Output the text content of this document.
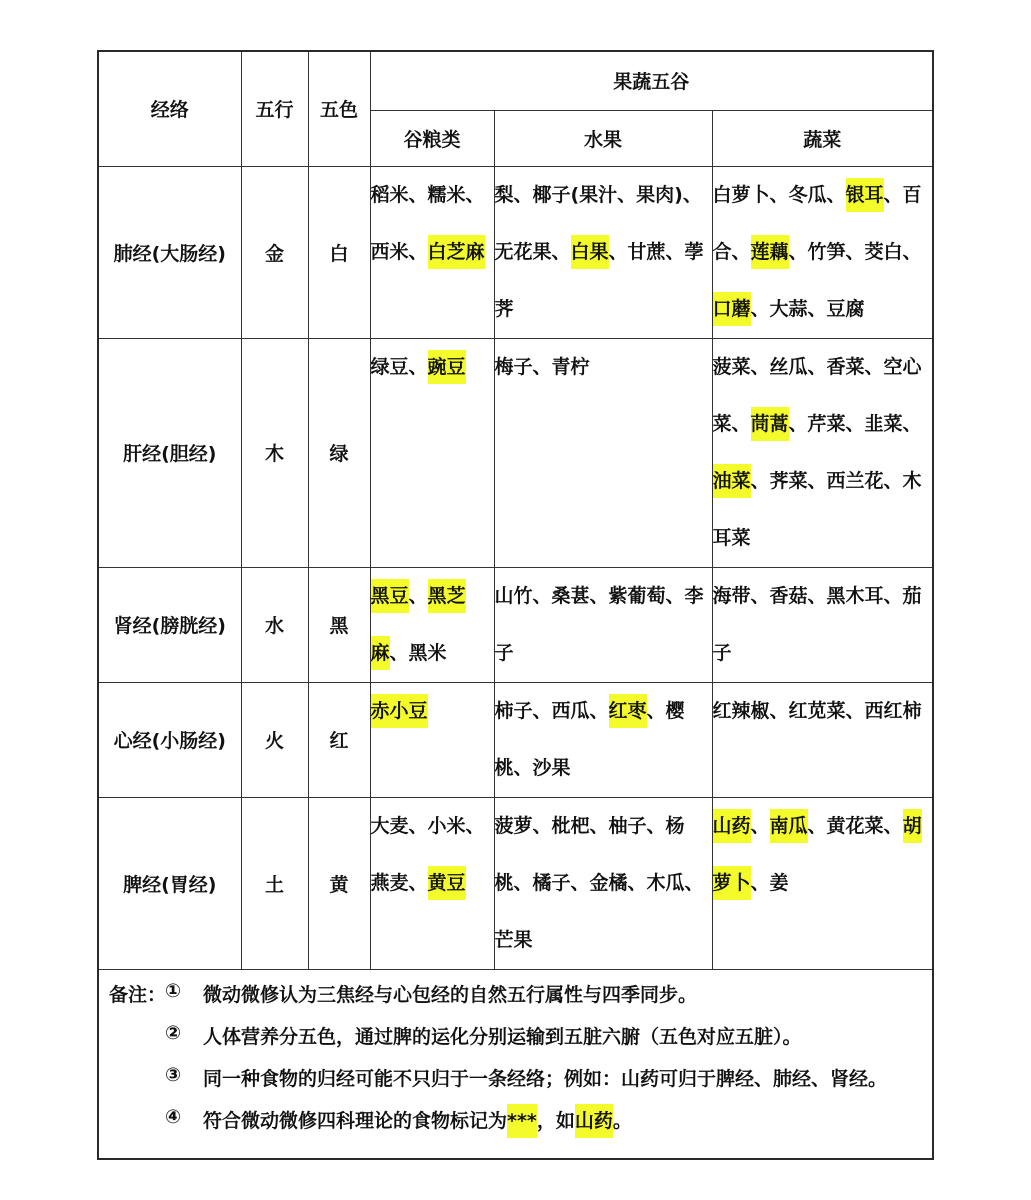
经络	五行	五色	果蔬五谷		
			谷粮类	水果	蔬菜
肺经(大肠经)	金	白	稻米、糯米、西米、白芝麻	梨、椰子(果汁、果肉)、无花果、白果、甘蔗、荸荠	白萝卜、冬瓜、银耳、百合、莲藕、竹笋、茭白、口蘑、大蒜、豆腐
肝经(胆经)	木	绿	绿豆、豌豆	梅子、青柠	菠菜、丝瓜、香菜、空心菜、茼蒿、芹菜、韭菜、油菜、荠菜、西兰花、木耳菜
肾经(膀胱经)	水	黑	黑豆、黑芝麻、黑米	山竹、桑葚、紫葡萄、李子	海带、香菇、黑木耳、茄子
心经(小肠经)	火	红	赤小豆	柿子、西瓜、红枣、樱桃、沙果	红辣椒、红苋菜、西红柿
脾经(胃经)	土	黄	大麦、小米、燕麦、黄豆	菠萝、枇杷、柚子、杨桃、橘子、金橘、木瓜、芒果	山药、南瓜、黄花菜、胡萝卜、姜
备注：
① 微动微修认为三焦经与心包经的自然五行属性与四季同步。
② 人体营养分五色，通过脾的运化分别运输到五脏六腑（五色对应五脏）。
③ 同一种食物的归经可能不只归于一条经络；例如：山药可归于脾经、肺经、肾经。
④ 符合微动微修四科理论的食物标记为***，如山药。
